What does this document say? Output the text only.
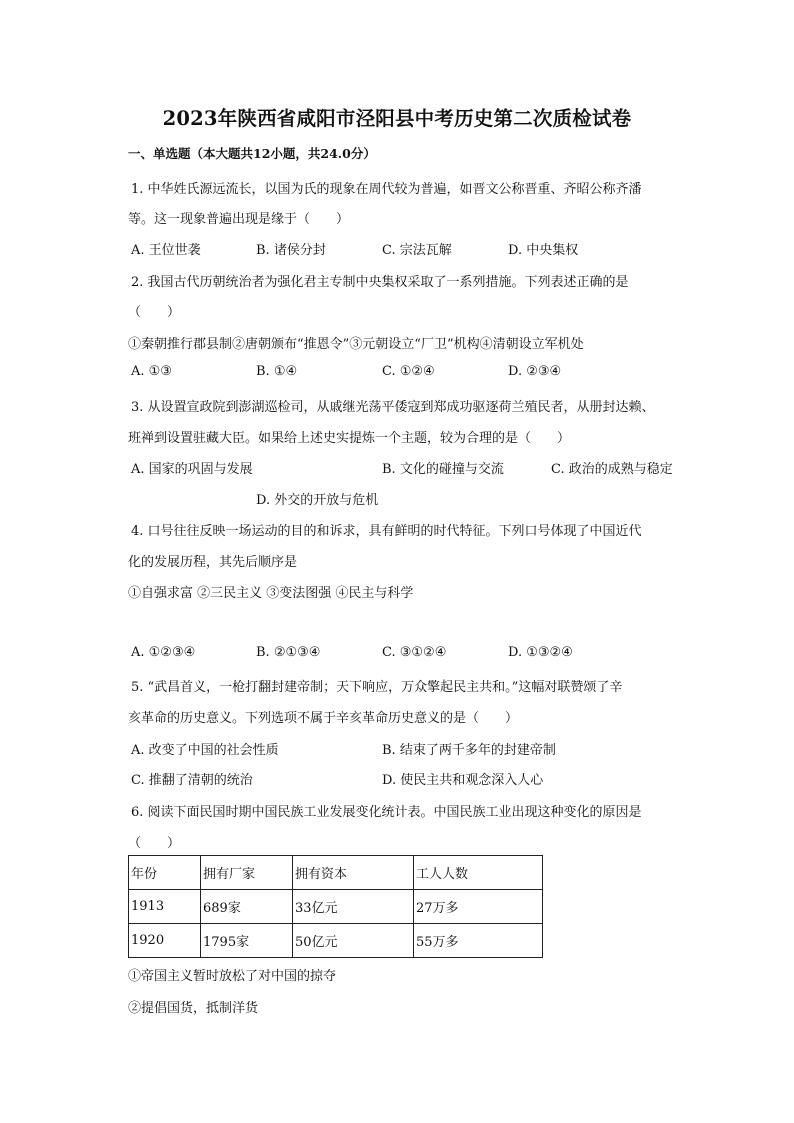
2023年陕西省咸阳市泾阳县中考历史第二次质检试卷
一、单选题（本大题共12小题，共24.0分）
1. 中华姓氏源远流长，以国为氏的现象在周代较为普遍，如晋文公称晋重、齐昭公称齐潘
等。这一现象普遍出现是缘于（　　）
A. 王位世袭	B. 诸侯分封	C. 宗法瓦解	D. 中央集权
2. 我国古代历朝统治者为强化君主专制中央集权采取了一系列措施。下列表述正确的是
（　　）
①秦朝推行郡县制②唐朝颁布“推恩令”③元朝设立“厂卫”机构④清朝设立军机处
A. ①③	B. ①④	C. ①②④	D. ②③④
3. 从设置宣政院到澎湖巡检司，从戚继光荡平倭寇到郑成功驱逐荷兰殖民者，从册封达赖、
班禅到设置驻藏大臣。如果给上述史实提炼一个主题，较为合理的是（　　）
A. 国家的巩固与发展	B. 文化的碰撞与交流	C. 政治的成熟与稳定
D. 外交的开放与危机
4. 口号往往反映一场运动的目的和诉求，具有鲜明的时代特征。下列口号体现了中国近代
化的发展历程，其先后顺序是
①自强求富 ②三民主义 ③变法图强 ④民主与科学
A. ①②③④	B. ②①③④	C. ③①②④	D. ①③②④
5. “武昌首义，一枪打翻封建帝制；天下响应，万众擎起民主共和。”这幅对联赞颂了辛
亥革命的历史意义。下列选项不属于辛亥革命历史意义的是（　　）
A. 改变了中国的社会性质	B. 结束了两千多年的封建帝制
C. 推翻了清朝的统治	D. 使民主共和观念深入人心
6. 阅读下面民国时期中国民族工业发展变化统计表。中国民族工业出现这种变化的原因是
（　　）
年份	拥有厂家	拥有资本	工人人数
1913	689家	33亿元	27万多
1920	1795家	50亿元	55万多
①帝国主义暂时放松了对中国的掠夺
②提倡国货，抵制洋货
